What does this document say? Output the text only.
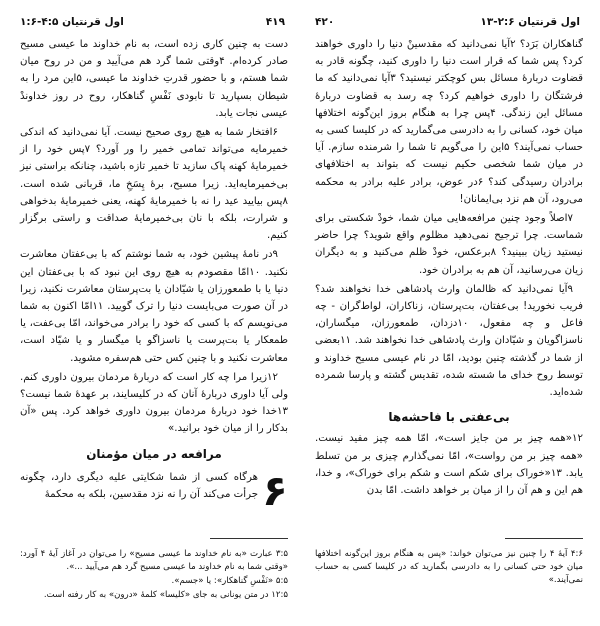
اول قرنتیان ۲:۶-۱۳
۴۲۰
۴۱۹
اول قرنتیان ۴:۵-۱:۶

گناهکاران بَرَد؟ ۲آیا نمی‌دانید که مقدسینْ دنیا را داوری خواهند کرد؟ پس شما که قرار است دنیا را داوری کنید، چگونه قادر به قضاوت دربارهٔ مسائل بس کوچکتر نیستید؟ ۳آیا نمی‌دانید که ما فرشتگان را داوری خواهیم کرد؟ چه رسد به قضاوت دربارهٔ مسائل این زندگی. ۴پس چرا به هنگام بروز این‌گونه اختلافها میان خود، کسانی را به دادرسی می‌گمارید که در کلیسا کسی به حساب نمی‌آیند؟ ۵این را می‌گویم تا شما را شرمنده سازم. آیا در میان شما شخصی حکیم نیست که بتواند به اختلافهای برادران رسیدگی کند؟ ۶در عوض، برادر علیه برادر به محکمه می‌رود، آن هم نزد بی‌ایمانان!

۷اصلاً وجود چنین مرافعه‌هایی میان شما، خودْ شکستی برای شماست. چرا ترجیح نمی‌دهید مظلوم واقع شوید؟ چرا حاضر نیستید زیان ببینید؟ ۸برعکس، خودْ ظلم می‌کنید و به دیگران زیان می‌رسانید، آن هم به برادران خود.

۹آیا نمی‌دانید که ظالمان وارث پادشاهی خدا نخواهند شد؟ فریب نخورید! بی‌عفتان، بت‌پرستان، زناکاران، لواط‌گران - چه فاعل و چه مفعول، ۱۰دزدان، طمعورزان، میگساران، ناسزاگویان و شیّادان وارث پادشاهی خدا نخواهند شد. ۱۱بعضی از شما در گذشته چنین بودید، امّا در نام عیسی مسیح خداوند و توسط روح خدای ما شسته شده، تقدیس گشته و پارسا شمرده شده‌اید.

بی‌عفتی با فاحشه‌ها

۱۲«همه چیز بر من جایز است»، امّا همه چیز مفید نیست. «همه چیز بر من رواست»، امّا نمی‌گذارم چیزی بر من تسلط یابد. ۱۳«خوراک برای شکم است و شکم برای خوراک»، و خدا، هم این و هم آن را از میان بر خواهد داشت. امّا بدن

دست به چنین کاری زده است، به نام خداوند ما عیسی مسیح صادر کرده‌ام. ۴وقتی شما گرد هم می‌آیید و من در روح میان شما هستم، و با حضور قدرتِ خداوند ما عیسی، ۵این مرد را به شیطان بسپارید تا نابودی نَفْسِ گناهکار، روح در روز خداوندْ عیسی نجات یابد.

۶افتخار شما به هیچ روی صحیح نیست. آیا نمی‌دانید که اندکی خمیرمایه می‌تواند تمامی خمیر را ور آورد؟ ۷پس خود را از خمیرمایهٔ کهنه پاک سازید تا خمیر تازه باشید، چنانکه براستی نیز بی‌خمیرمایه‌اید. زیرا مسیح، برهٔ پِسَخِ ما، قربانی شده است. ۸پس بیایید عید را نه با خمیرمایهٔ کهنه، یعنی خمیرمایهٔ بدخواهی و شرارت، بلکه با نان بی‌خمیرمایهٔ صداقت و راستی برگزار کنیم.

۹در نامهٔ پیشین خود، به شما نوشتم که با بی‌عفتان معاشرت نکنید. ۱۰امّا مقصودم به هیچ روی این نبود که با بی‌عفتان این دنیا یا با طمعورزان یا شیّادان یا بت‌پرستان معاشرت نکنید، زیرا در آن صورت می‌بایست دنیا را ترک گویید. ۱۱امّا اکنون به شما می‌نویسم که با کسی که خود را برادر می‌خواند، امّا بی‌عفت، یا طمعکار یا بت‌پرست یا ناسزاگو یا میگسار و یا شیّاد است، معاشرت نکنید و با چنین کس حتی هم‌سفره مشوید.

۱۲زیرا مرا چه کار است که دربارهٔ مردمان بیرون داوری کنم. ولی آیا داوری دربارهٔ آنان که در کلیسایند، بر عهدهٔ شما نیست؟ ۱۳خدا خود دربارهٔ مردمان بیرون داوری خواهد کرد. پس «آن بدکار را از میان خود برانید.»

مرافعه در میان مؤمنان
۶
هرگاه کسی از شما شکایتی علیه دیگری دارد، چگونه جرأت می‌کند آن را نه نزد مقدسین، بلکه به محکمهٔ

۴:۶ آیهٔ ۴ را چنین نیز می‌توان خواند: «پس به هنگام بروز این‌گونه اختلافها میان خود حتی کسانی را به دادرسی بگمارید که در کلیسا کسی به حساب نمی‌آیند.»

۳:۵ عبارت «به نام خداوند ما عیسی مسیح» را می‌توان در آغاز آیهٔ ۴ آورد: «وقتی شما به نام خداوند ما عیسی مسیح گرد هم می‌آیید ...».

۵:۵ «نَفْسِ گناهکار»: یا «جسم».

۱۲:۵ در متن یونانی به جای «کلیسا» کلمهٔ «درون» به کار رفته است.
